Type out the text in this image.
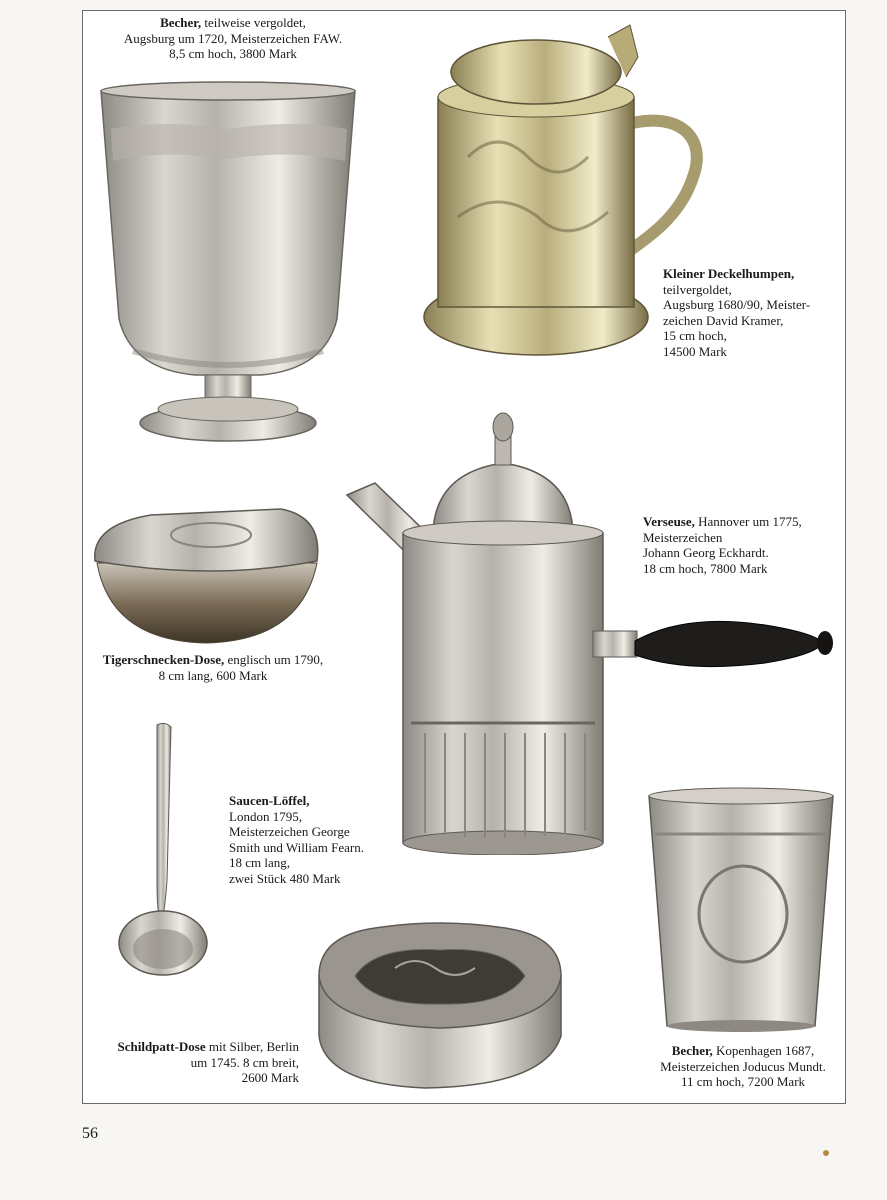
Becher, teilweise vergoldet,
Augsburg um 1720, Meisterzeichen FAW.
8,5 cm hoch, 3800 Mark
Kleiner Deckelhumpen,
teilvergoldet,
Augsburg 1680/90, Meister-
zeichen David Kramer,
15 cm hoch,
14500 Mark
Tigerschnecken-Dose, englisch um 1790,
8 cm lang, 600 Mark
Verseuse, Hannover um 1775,
Meisterzeichen
Johann Georg Eckhardt.
18 cm hoch, 7800 Mark
Saucen-Löffel,
London 1795,
Meisterzeichen George
Smith und William Fearn.
18 cm lang,
zwei Stück 480 Mark
Becher, Kopenhagen 1687,
Meisterzeichen Joducus Mundt.
11 cm hoch, 7200 Mark
Schildpatt-Dose mit Silber, Berlin
um 1745. 8 cm breit,
2600 Mark
56
